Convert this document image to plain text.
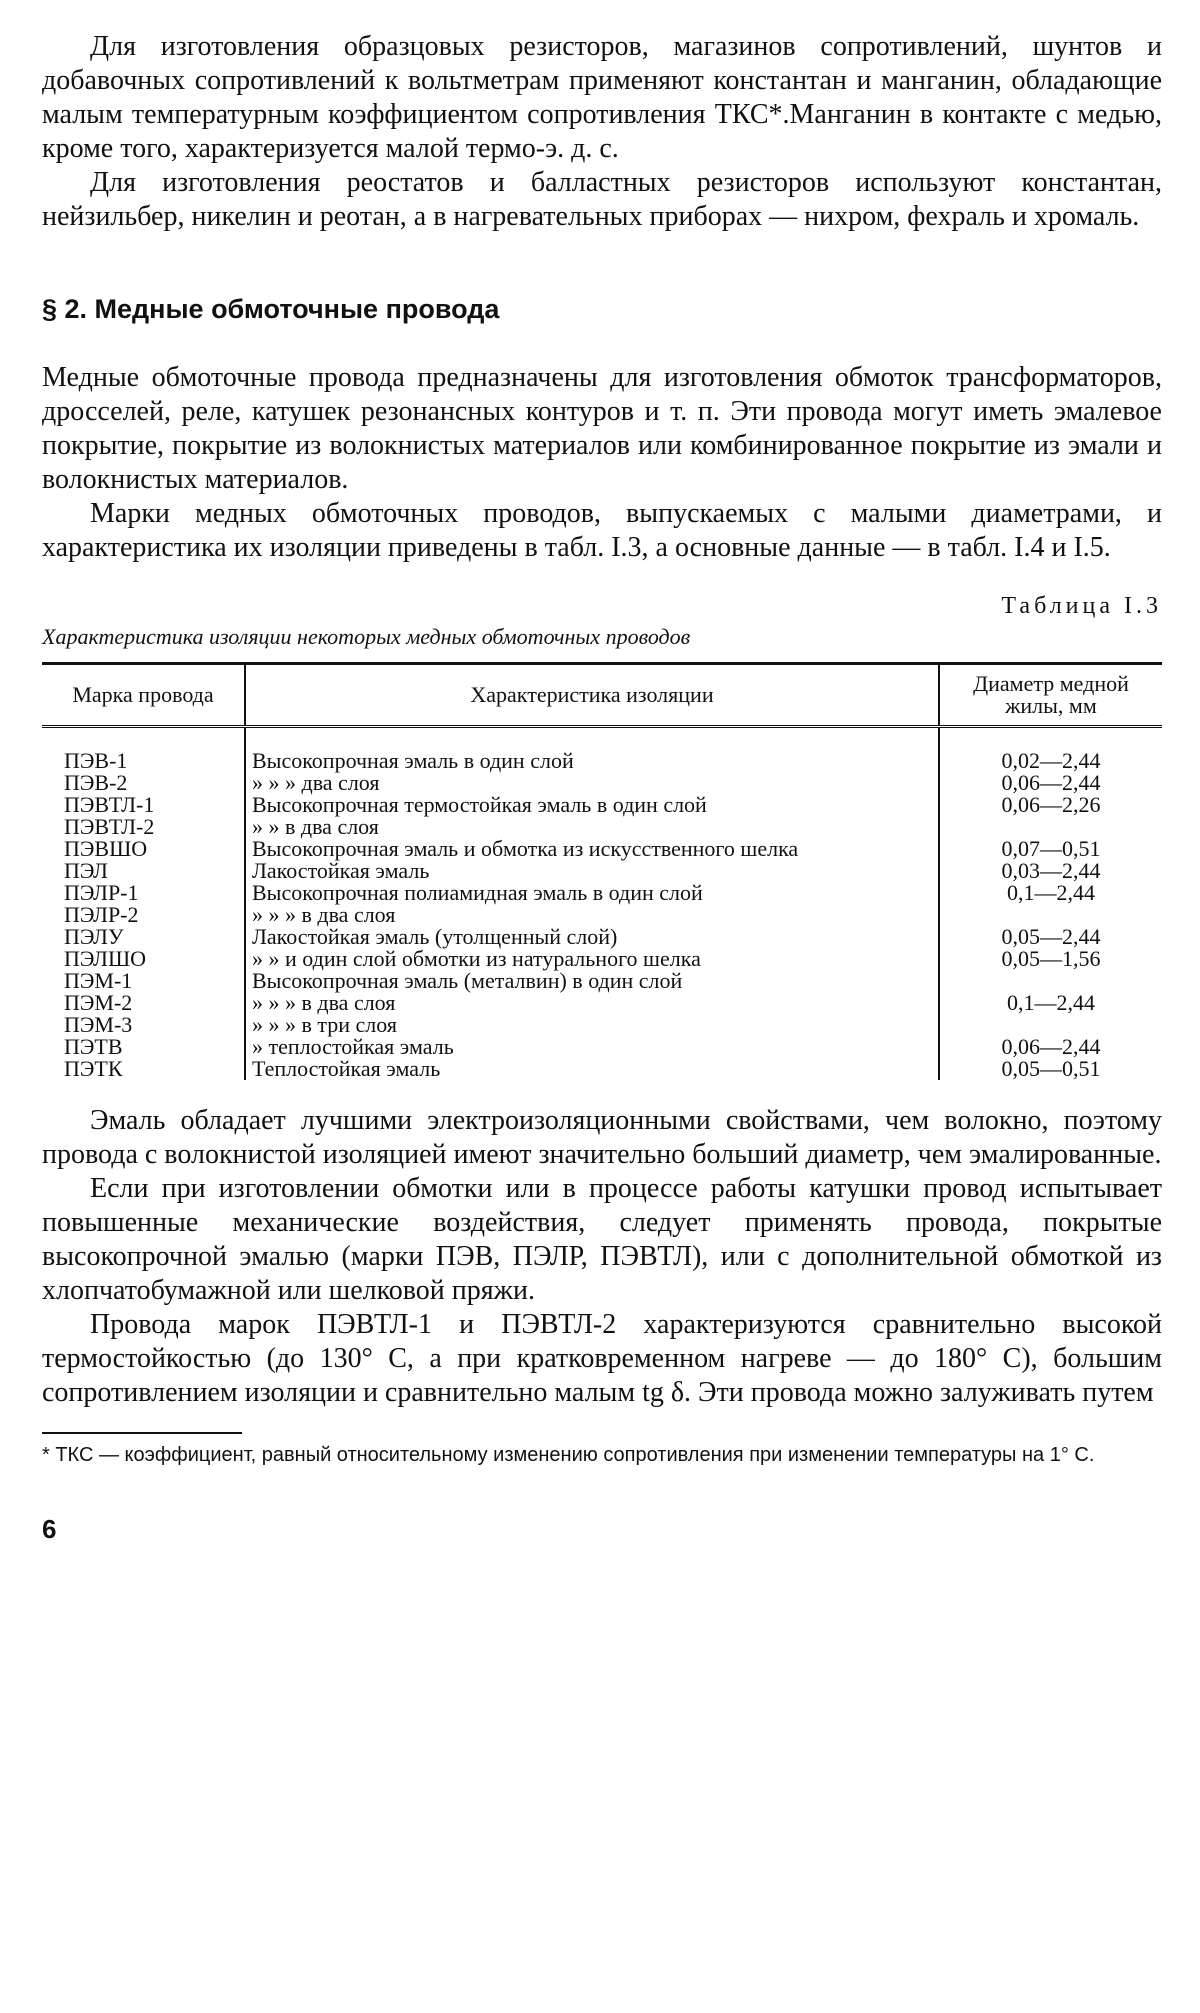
Для изготовления образцовых резисторов, магазинов сопротивлений, шунтов и добавочных сопротивлений к вольтметрам применяют константан и манганин, обладающие малым температурным коэффициентом сопротивления ТКС*.Манганин в контакте с медью, кроме того, характеризуется малой термо-э. д. с.

Для изготовления реостатов и балластных резисторов используют константан, нейзильбер, никелин и реотан, а в нагревательных приборах — нихром, фехраль и хромаль.

§ 2. Медные обмоточные провода

Медные обмоточные провода предназначены для изготовления обмоток трансформаторов, дросселей, реле, катушек резонансных контуров и т. п. Эти провода могут иметь эмалевое покрытие, покрытие из волокнистых материалов или комбинированное покрытие из эмали и волокнистых материалов.

Марки медных обмоточных проводов, выпускаемых с малыми диаметрами, и характеристика их изоляции приведены в табл. I.3, а основные данные — в табл. I.4 и I.5.

Таблица I.3
Характеристика изоляции некоторых медных обмоточных проводов
Марка провода	Характеристика изоляции	Диаметр медной жилы, мм
ПЭВ-1	Высокопрочная эмаль в один слой	0,02—2,44
ПЭВ-2	» » » два слоя	0,06—2,44
ПЭВТЛ-1	Высокопрочная термостойкая эмаль в один слой	0,06—2,26
ПЭВТЛ-2	» » в два слоя	
ПЭВШО	Высокопрочная эмаль и обмотка из искусственного шелка	0,07—0,51
ПЭЛ	Лакостойкая эмаль	0,03—2,44
ПЭЛР-1	Высокопрочная полиамидная эмаль в один слой	0,1—2,44
ПЭЛР-2	» » » в два слоя	
ПЭЛУ	Лакостойкая эмаль (утолщенный слой)	0,05—2,44
ПЭЛШО	» » и один слой обмотки из натурального шелка	0,05—1,56
ПЭМ-1	Высокопрочная эмаль (металвин) в один слой	
ПЭМ-2	» » » в два слоя	0,1—2,44
ПЭМ-3	» » » в три слоя	
ПЭТВ	» теплостойкая эмаль	0,06—2,44
ПЭТК	Теплостойкая эмаль	0,05—0,51

Эмаль обладает лучшими электроизоляционными свойствами, чем волокно, поэтому провода с волокнистой изоляцией имеют значительно больший диаметр, чем эмалированные.

Если при изготовлении обмотки или в процессе работы катушки провод испытывает повышенные механические воздействия, следует применять провода, покрытые высокопрочной эмалью (марки ПЭВ, ПЭЛР, ПЭВТЛ), или с дополнительной обмоткой из хлопчатобумажной или шелковой пряжи.

Провода марок ПЭВТЛ-1 и ПЭВТЛ-2 характеризуются сравнительно высокой термостойкостью (до 130° С, а при кратковременном нагреве — до 180° С), большим сопротивлением изоляции и сравнительно малым tg δ. Эти провода можно залуживать путем

* ТКС — коэффициент, равный относительному изменению сопротивления при изменении температуры на 1° С.

6
